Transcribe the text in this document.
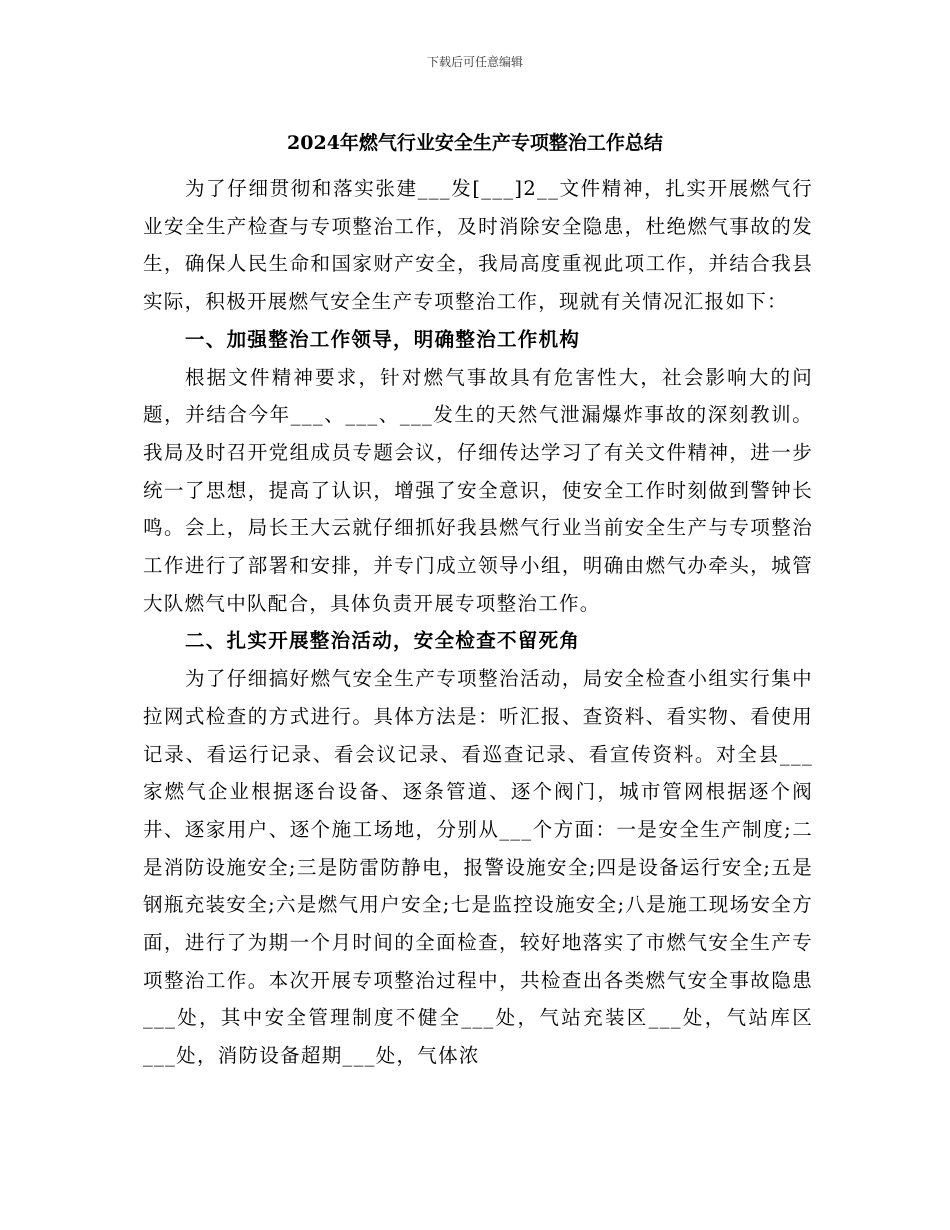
下载后可任意编辑
2024年燃气行业安全生产专项整治工作总结

为了仔细贯彻和落实张建___发[___]2__文件精神，扎实开展燃气行业安全生产检查与专项整治工作，及时消除安全隐患，杜绝燃气事故的发生，确保人民生命和国家财产安全，我局高度重视此项工作，并结合我县实际，积极开展燃气安全生产专项整治工作，现就有关情况汇报如下：

一、加强整治工作领导，明确整治工作机构

根据文件精神要求，针对燃气事故具有危害性大，社会影响大的问题，并结合今年___、___、___发生的天然气泄漏爆炸事故的深刻教训。我局及时召开党组成员专题会议，仔细传达学习了有关文件精神，进一步统一了思想，提高了认识，增强了安全意识，使安全工作时刻做到警钟长鸣。会上，局长王大云就仔细抓好我县燃气行业当前安全生产与专项整治工作进行了部署和安排，并专门成立领导小组，明确由燃气办牵头，城管大队燃气中队配合，具体负责开展专项整治工作。

二、扎实开展整治活动，安全检查不留死角

为了仔细搞好燃气安全生产专项整治活动，局安全检查小组实行集中拉网式检查的方式进行。具体方法是：听汇报、查资料、看实物、看使用记录、看运行记录、看会议记录、看巡查记录、看宣传资料。对全县___家燃气企业根据逐台设备、逐条管道、逐个阀门，城市管网根据逐个阀井、逐家用户、逐个施工场地，分别从___个方面：一是安全生产制度;二是消防设施安全;三是防雷防静电，报警设施安全;四是设备运行安全;五是钢瓶充装安全;六是燃气用户安全;七是监控设施安全;八是施工现场安全方面，进行了为期一个月时间的全面检查，较好地落实了市燃气安全生产专项整治工作。本次开展专项整治过程中，共检查出各类燃气安全事故隐患___处，其中安全管理制度不健全___处，气站充装区___处，气站库区___处，消防设备超期___处，气体浓
